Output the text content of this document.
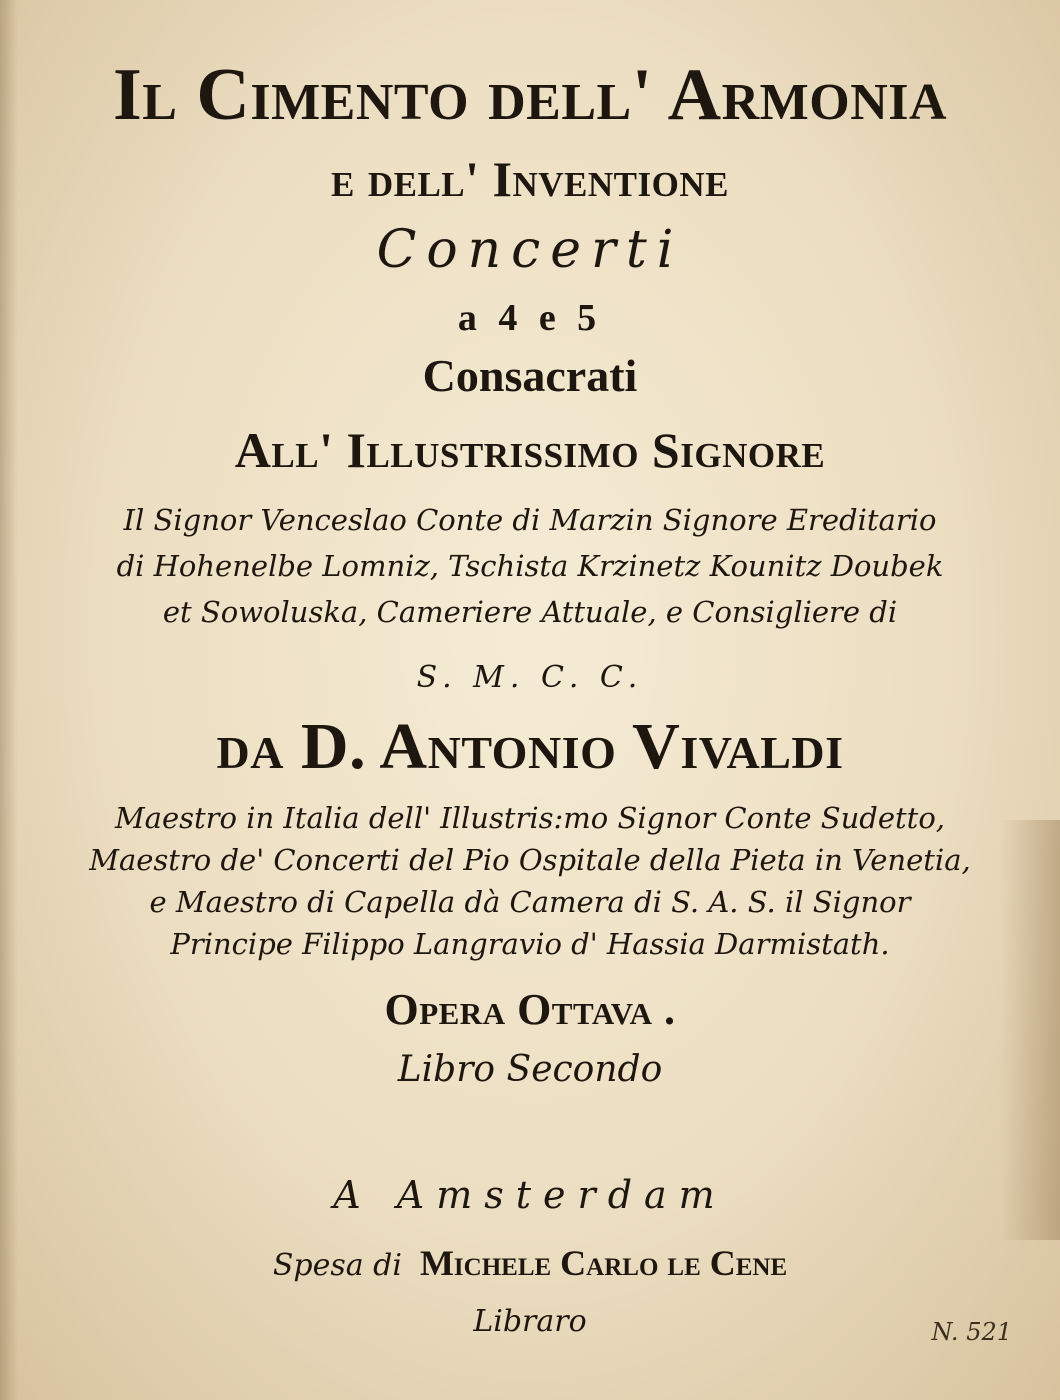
Il Cimento dell' Armonia
e dell' Inventione
Concerti
a 4 e 5
Consacrati
All' Illustrissimo Signore
Il Signor Venceslao Conte di Marzin Signore Ereditario
di Hohenelbe Lomniz, Tschista Krzinetz Kounitz Doubek
et Sowoluska, Cameriere Attuale, e Consigliere di
S. M. C. C.
da D. Antonio Vivaldi
Maestro in Italia dell' Illustris:mo Signor Conte Sudetto,
Maestro de' Concerti del Pio Ospitale della Pieta in Venetia,
e Maestro di Capella dà Camera di S. A. S. il Signor
Principe Filippo Langravio d' Hassia Darmistath.
Opera Ottava .
Libro Secondo
A Amsterdam
Spesa di Michele Carlo le Cene
Libraro	N. 521
